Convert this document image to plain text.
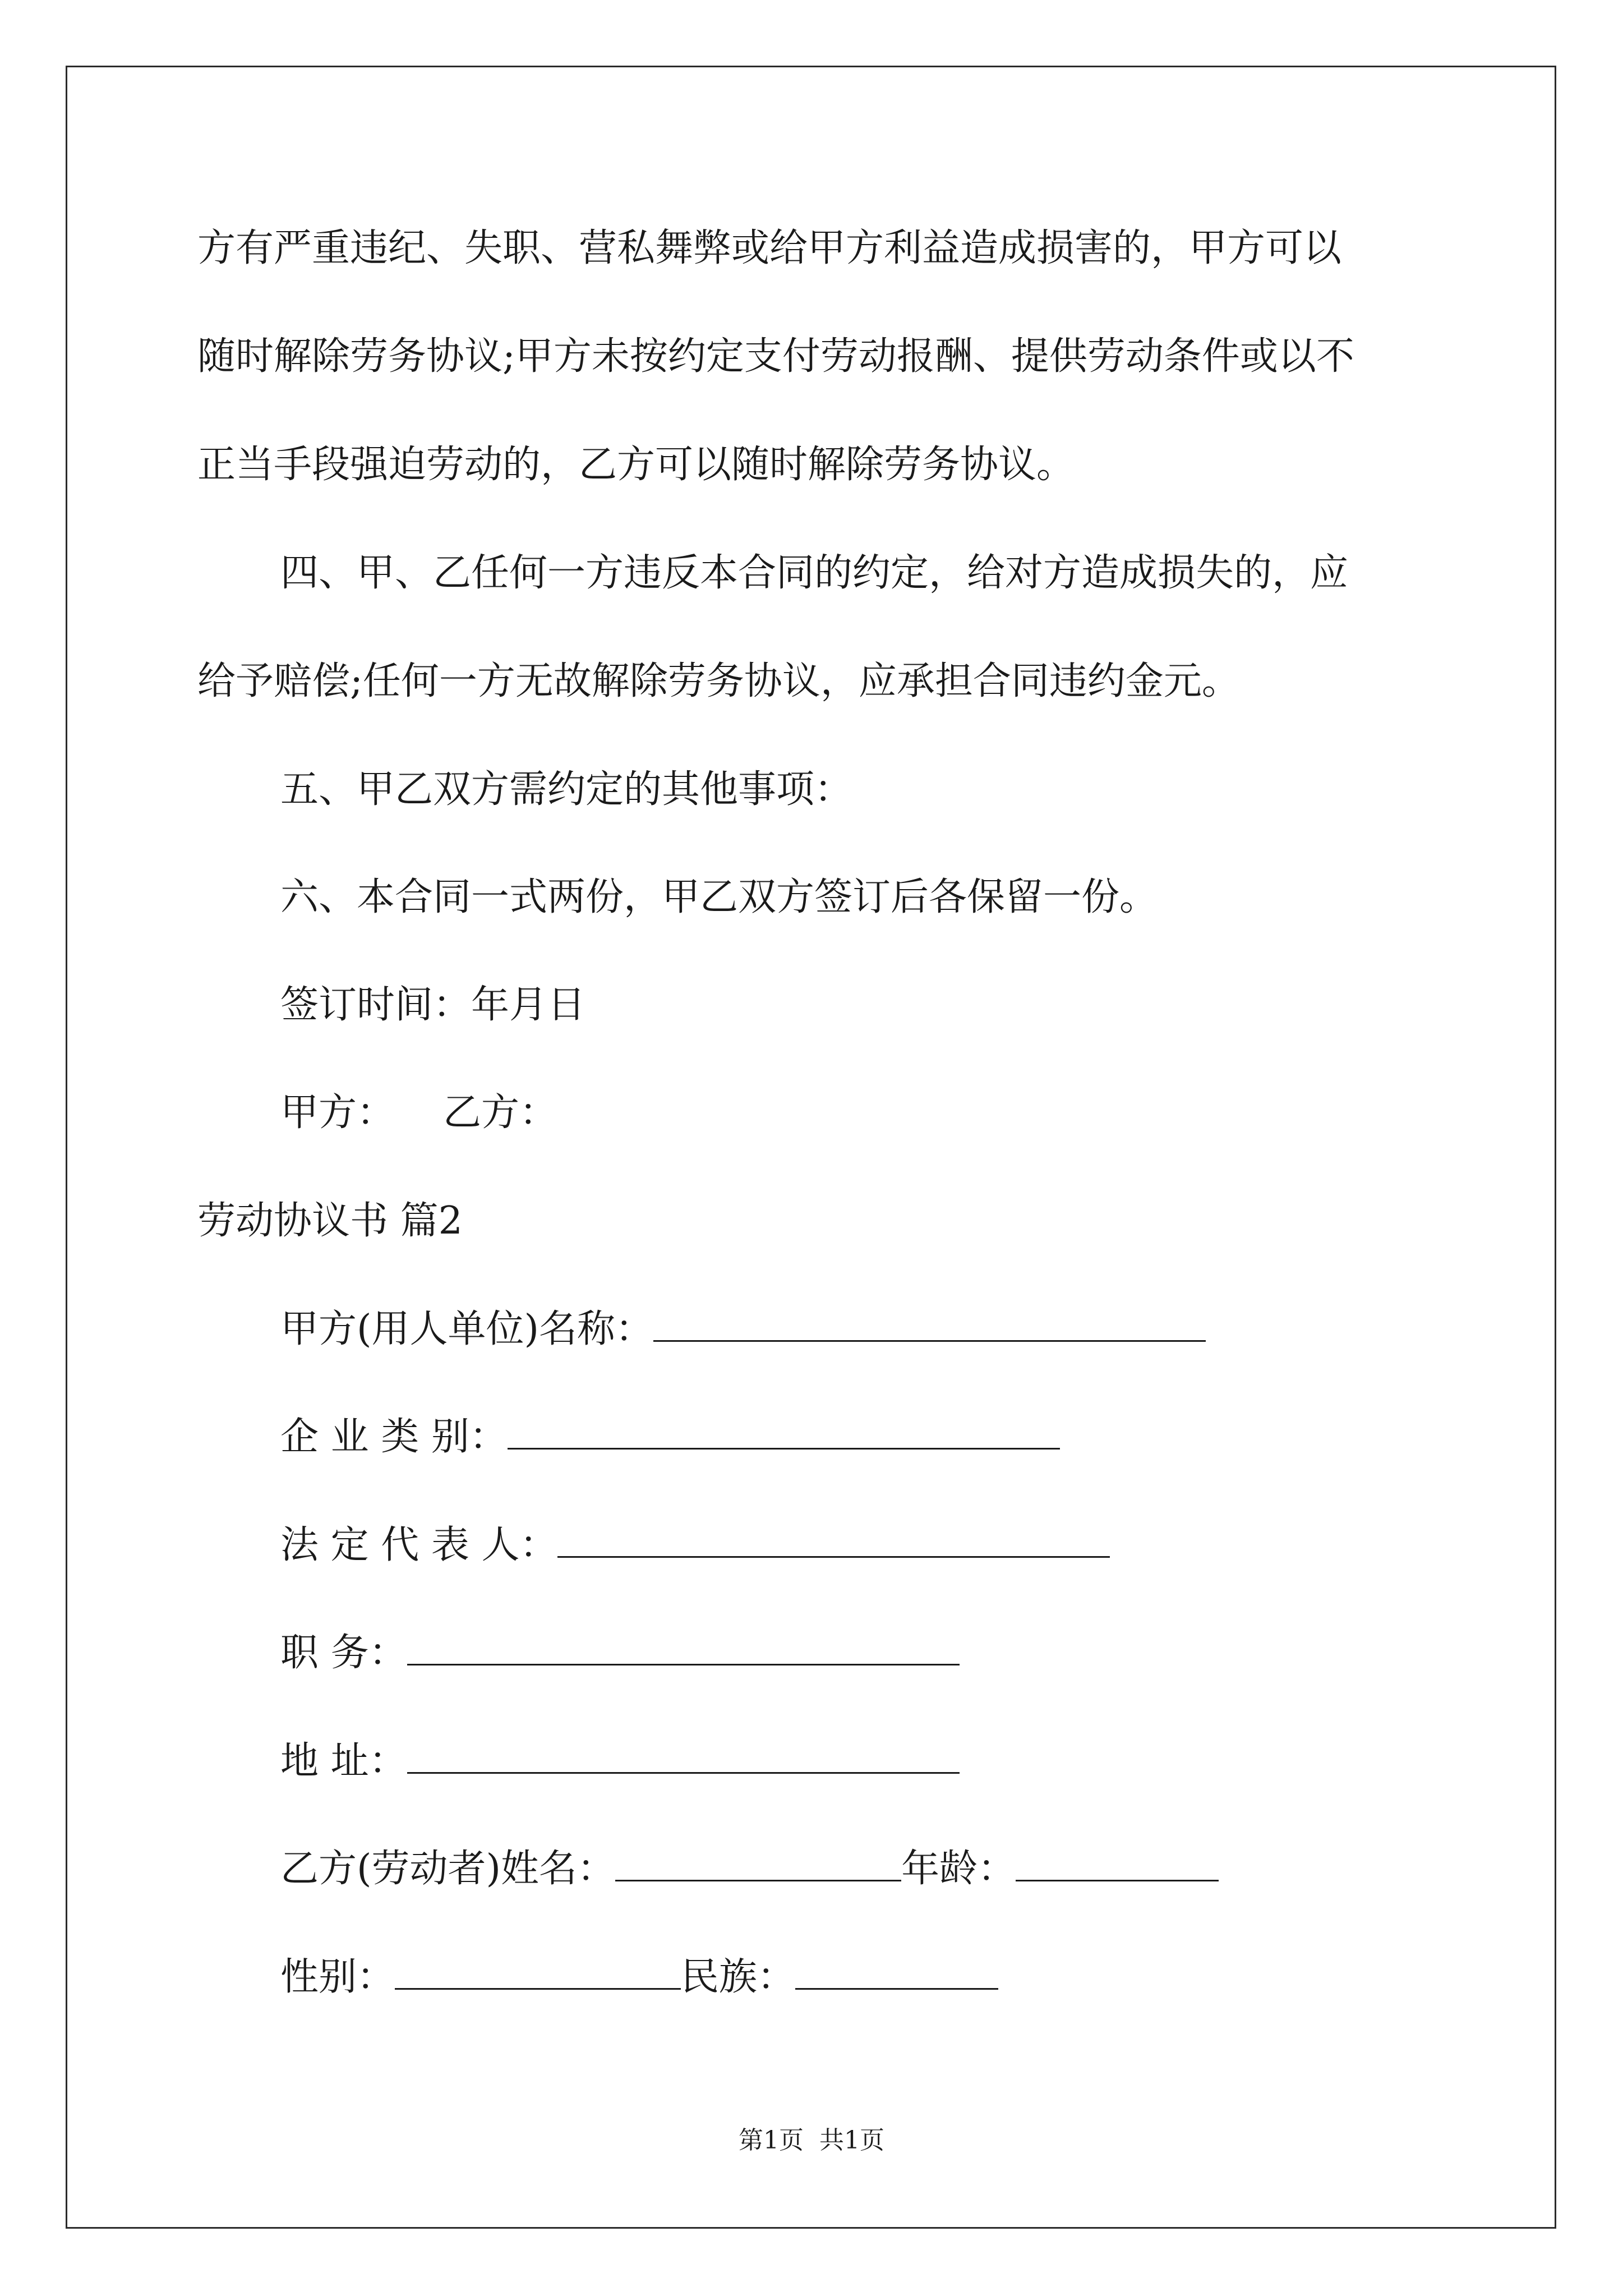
方有严重违纪、失职、营私舞弊或给甲方利益造成损害的，甲方可以
随时解除劳务协议;甲方未按约定支付劳动报酬、提供劳动条件或以不
正当手段强迫劳动的，乙方可以随时解除劳务协议。
四、甲、乙任何一方违反本合同的约定，给对方造成损失的，应
给予赔偿;任何一方无故解除劳务协议，应承担合同违约金元。
五、甲乙双方需约定的其他事项：
六、本合同一式两份，甲乙双方签订后各保留一份。
签订时间：年月日
甲方： 乙方：
劳动协议书 篇2
甲方(用人单位)名称：
企 业 类 别：
法 定 代 表 人：
职 务：
地 址：
乙方(劳动者)姓名：	年龄：
性别：	民族：
第1页 共1页
